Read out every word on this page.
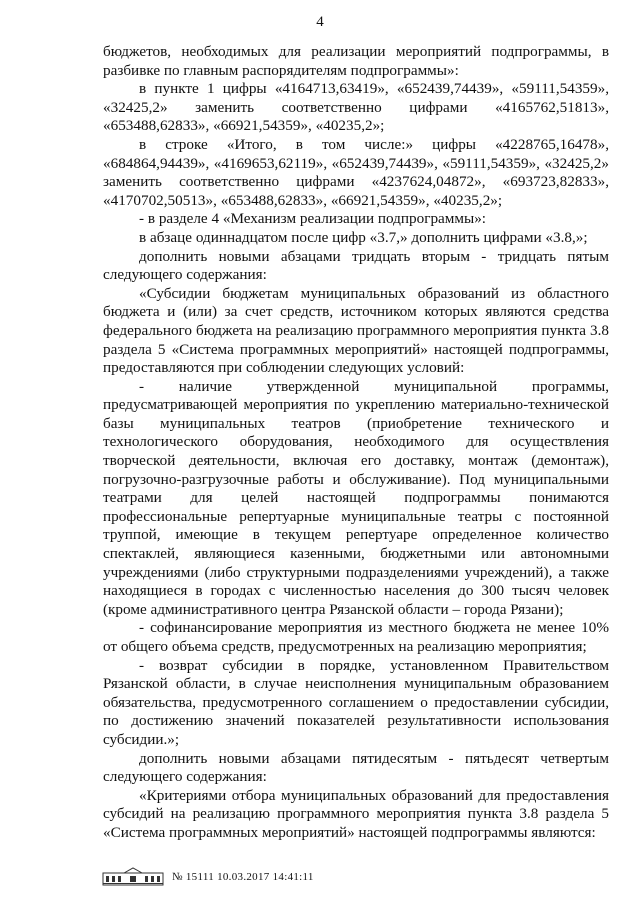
4

бюджетов, необходимых для реализации мероприятий подпрограммы, в разбивке по главным распорядителям подпрограммы»:

в пункте 1 цифры «4164713,63419», «652439,74439», «59111,54359», «32425,2» заменить соответственно цифрами «4165762,51813», «653488,62833», «66921,54359», «40235,2»;

в строке «Итого, в том числе:» цифры «4228765,16478», «684864,94439», «4169653,62119», «652439,74439», «59111,54359», «32425,2» заменить соответственно цифрами «4237624,04872», «693723,82833», «4170702,50513», «653488,62833», «66921,54359», «40235,2»;

- в разделе 4 «Механизм реализации подпрограммы»:

в абзаце одиннадцатом после цифр «3.7,» дополнить цифрами «3.8,»;

дополнить новыми абзацами тридцать вторым - тридцать пятым следующего содержания:

«Субсидии бюджетам муниципальных образований из областного бюджета и (или) за счет средств, источником которых являются средства федерального бюджета на реализацию программного мероприятия пункта 3.8 раздела 5 «Система программных мероприятий» настоящей подпрограммы, предоставляются при соблюдении следующих условий:

- наличие утвержденной муниципальной программы, предусматривающей мероприятия по укреплению материально-технической базы муниципальных театров (приобретение технического и технологического оборудования, необходимого для осуществления творческой деятельности, включая его доставку, монтаж (демонтаж), погрузочно-разгрузочные работы и обслуживание). Под муниципальными театрами для целей настоящей подпрограммы понимаются профессиональные репертуарные муниципальные театры с постоянной труппой, имеющие в текущем репертуаре определенное количество спектаклей, являющиеся казенными, бюджетными или автономными учреждениями (либо структурными подразделениями учреждений), а также находящиеся в городах с численностью населения до 300 тысяч человек (кроме административного центра Рязанской области – города Рязани);

- софинансирование мероприятия из местного бюджета не менее 10% от общего объема средств, предусмотренных на реализацию мероприятия;

- возврат субсидии в порядке, установленном Правительством Рязанской области, в случае неисполнения муниципальным образованием обязательства, предусмотренного соглашением о предоставлении субсидии, по достижению значений показателей результативности использования субсидии.»;

дополнить новыми абзацами пятидесятым - пятьдесят четвертым следующего содержания:

«Критериями отбора муниципальных образований для предоставления субсидий на реализацию программного мероприятия пункта 3.8 раздела 5 «Система программных мероприятий» настоящей подпрограммы являются:

№ 15111 10.03.2017 14:41:11
